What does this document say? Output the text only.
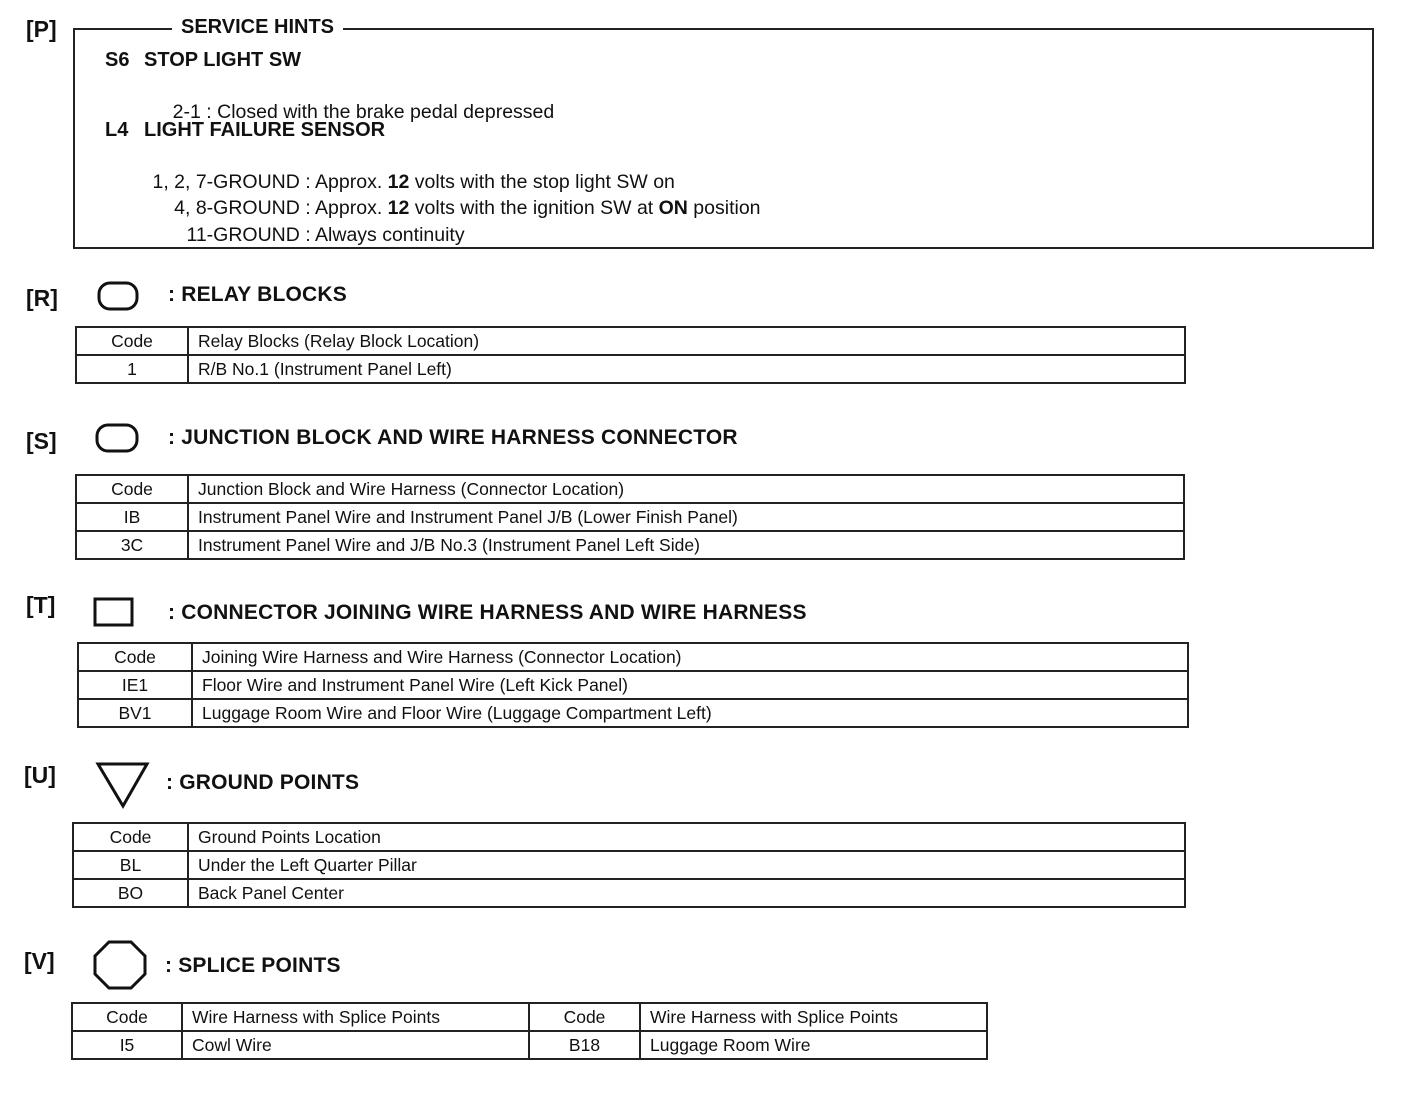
[P]	SERVICE HINTS
S6 STOP LIGHT SW

2-1 : Closed with the brake pedal depressed

L4 LIGHT FAILURE SENSOR

1, 2, 7-GROUND : Approx. 12 volts with the stop light SW on

4, 8-GROUND : Approx. 12 volts with the ignition SW at ON position

11-GROUND : Always continuity

[R]	: RELAY BLOCKS
Code	Relay Blocks (Relay Block Location)
1	R/B No.1 (Instrument Panel Left)
[S]	: JUNCTION BLOCK AND WIRE HARNESS CONNECTOR
Code	Junction Block and Wire Harness (Connector Location)
IB	Instrument Panel Wire and Instrument Panel J/B (Lower Finish Panel)
3C	Instrument Panel Wire and J/B No.3 (Instrument Panel Left Side)
[T]	: CONNECTOR JOINING WIRE HARNESS AND WIRE HARNESS
Code	Joining Wire Harness and Wire Harness (Connector Location)
IE1	Floor Wire and Instrument Panel Wire (Left Kick Panel)
BV1	Luggage Room Wire and Floor Wire (Luggage Compartment Left)
[U]	: GROUND POINTS
Code	Ground Points Location
BL	Under the Left Quarter Pillar
BO	Back Panel Center
[V]	: SPLICE POINTS
Code	Wire Harness with Splice Points	Code	Wire Harness with Splice Points
I5	Cowl Wire	B18	Luggage Room Wire
